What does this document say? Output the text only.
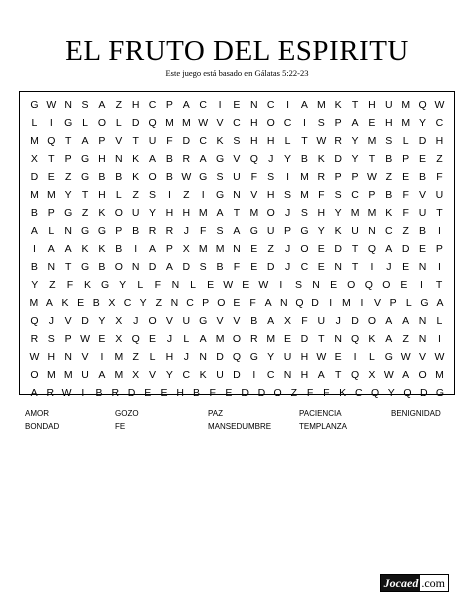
EL FRUTO DEL ESPIRITU
Este juego está basado en Gálatas 5:22-23
G W N S A Z H C P A C	I	E N C	I	A M K T H U M Q W
L	I	G L O L D Q M M W V C H O C	I	S P A E H M Y C
M Q T A P V T U F D C K S H H L	T W R Y M S L D H
X T P G H N K A B R A G V Q J	Y B K D Y T B P E Z
D E Z G B B K O B W G S U F S	I	M R P P W Z E B F
M M Y T H L	Z S	I	Z	I	G N V H S M F S C P B F V U
B P G Z K O U Y H H M A T M O J	S H Y M M K F U T
A L N G G P B R R J	F S A G U P G Y K U N C Z B	I
I	A A K K B	I	A P X M M N E Z	J O E D T Q A D E P
B N T G B O N D A D S B F E D J C E N T	I	J	E N	I
Y	Z	F	K G Y	L	F	N	L	E W E W	I	S N E O Q O E	I	T
M A K E B X C Y Z N C P O E F A N Q D I M I	V P L G A
Q J	V D Y X	J O V U G V V B A X F U J D O A A N L
R S P W E X Q E	J	L A M O R M E D T N Q K A Z N	I
W H N V	I	M Z	L H J N D Q G Y U H W E	I	L G W V W
O M M U A M X V Y C K U D	I	C N H A T Q X W A O M
A R W I	B R D E E H B F E D D O Z F F K C Q Y Q D G
AMOR	GOZO	PAZ	PACIENCIA	BENIGNIDAD
BONDAD	FE	MANSEDUMBRE	TEMPLANZA
Jocaed .com
